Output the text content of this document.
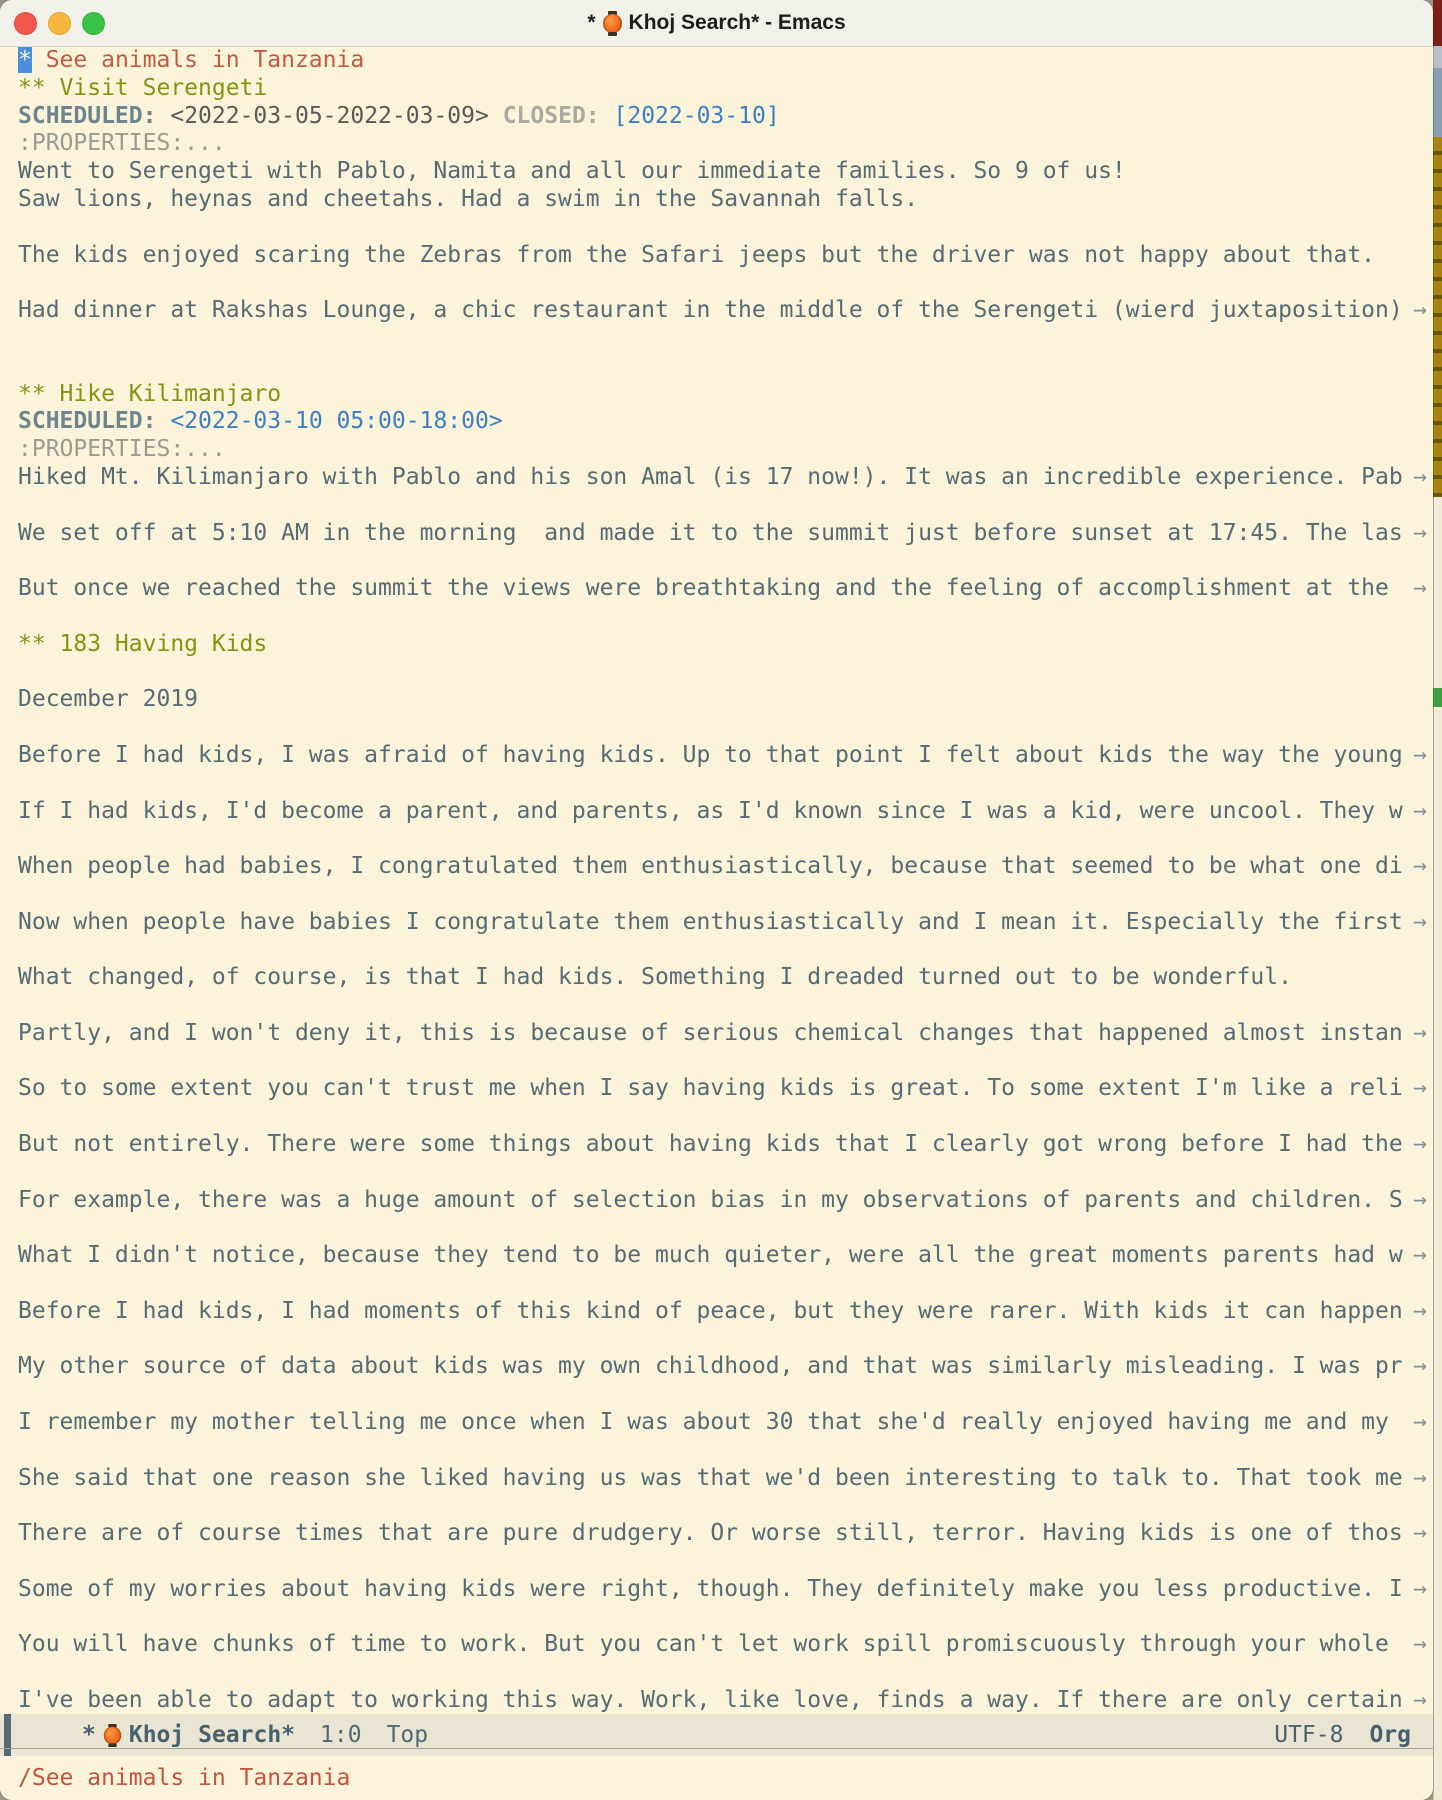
* Khoj Search* - Emacs
* See animals in Tanzania
** Visit Serengeti
SCHEDULED: <2022-03-05-2022-03-09> CLOSED: [2022-03-10]
:PROPERTIES:...
Went to Serengeti with Pablo, Namita and all our immediate families. So 9 of us!
Saw lions, heynas and cheetahs. Had a swim in the Savannah falls.
The kids enjoyed scaring the Zebras from the Safari jeeps but the driver was not happy about that.
Had dinner at Rakshas Lounge, a chic restaurant in the middle of the Serengeti (wierd juxtaposition) →
** Hike Kilimanjaro
SCHEDULED: <2022-03-10 05:00-18:00>
:PROPERTIES:...
Hiked Mt. Kilimanjaro with Pablo and his son Amal (is 17 now!). It was an incredible experience. Pab →
We set off at 5:10 AM in the morning  and made it to the summit just before sunset at 17:45. The las →
But once we reached the summit the views were breathtaking and the feeling of accomplishment at the →
** 183 Having Kids
December 2019
Before I had kids, I was afraid of having kids. Up to that point I felt about kids the way the young →
If I had kids, I'd become a parent, and parents, as I'd known since I was a kid, were uncool. They w →
When people had babies, I congratulated them enthusiastically, because that seemed to be what one di →
Now when people have babies I congratulate them enthusiastically and I mean it. Especially the first →
What changed, of course, is that I had kids. Something I dreaded turned out to be wonderful.
Partly, and I won't deny it, this is because of serious chemical changes that happened almost instan →
So to some extent you can't trust me when I say having kids is great. To some extent I'm like a reli →
But not entirely. There were some things about having kids that I clearly got wrong before I had the →
For example, there was a huge amount of selection bias in my observations of parents and children. S →
What I didn't notice, because they tend to be much quieter, were all the great moments parents had w →
Before I had kids, I had moments of this kind of peace, but they were rarer. With kids it can happen →
My other source of data about kids was my own childhood, and that was similarly misleading. I was pr →
I remember my mother telling me once when I was about 30 that she'd really enjoyed having me and my →
She said that one reason she liked having us was that we'd been interesting to talk to. That took me →
There are of course times that are pure drudgery. Or worse still, terror. Having kids is one of thos →
Some of my worries about having kids were right, though. They definitely make you less productive. I →
You will have chunks of time to work. But you can't let work spill promiscuously through your whole →
I've been able to adapt to working this way. Work, like love, finds a way. If there are only certain →
* Khoj Search* 1:0 Top	UTF-8 Org
/See animals in Tanzania
